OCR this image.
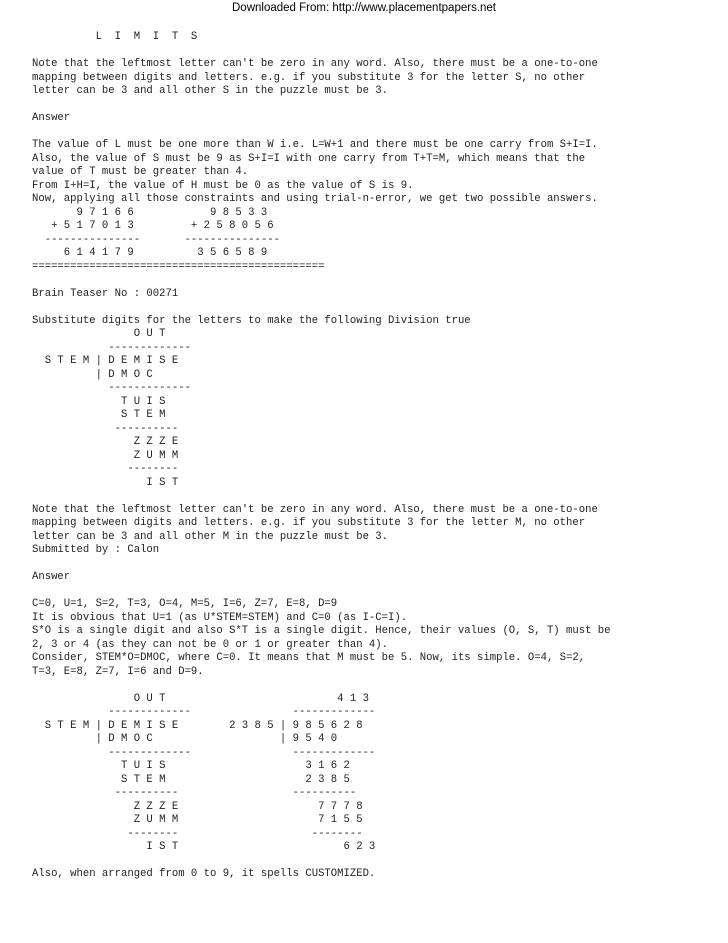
Downloaded From: http://www.placementpapers.net
L  I  M  I  T  S
Note that the leftmost letter can't be zero in any word. Also, there must be a one-to-one
mapping between digits and letters. e.g. if you substitute 3 for the letter S, no other
letter can be 3 and all other S in the puzzle must be 3.
Answer
The value of L must be one more than W i.e. L=W+1 and there must be one carry from S+I=I.
Also, the value of S must be 9 as S+I=I with one carry from T+T=M, which means that the
value of T must be greater than 4.
From I+H=I, the value of H must be 0 as the value of S is 9.
Now, applying all those constraints and using trial-n-error, we get two possible answers.
9 7 1 6 6            9 8 5 3 3
+ 5 1 7 0 1 3         + 2 5 8 0 5 6
---------------       ---------------
6 1 4 1 7 9          3 5 6 5 8 9
==============================================
Brain Teaser No : 00271
Substitute digits for the letters to make the following Division true
O U T
-------------
S T E M | D E M I S E
| D M O C
-------------
T U I S
S T E M
----------
Z Z Z E
Z U M M
--------
I S T
Note that the leftmost letter can't be zero in any word. Also, there must be a one-to-one
mapping between digits and letters. e.g. if you substitute 3 for the letter M, no other
letter can be 3 and all other M in the puzzle must be 3.
Submitted by : Calon
Answer
C=0, U=1, S=2, T=3, O=4, M=5, I=6, Z=7, E=8, D=9
It is obvious that U=1 (as U*STEM=STEM) and C=0 (as I-C=I).
S*O is a single digit and also S*T is a single digit. Hence, their values (O, S, T) must be
2, 3 or 4 (as they can not be 0 or 1 or greater than 4).
Consider, STEM*O=DMOC, where C=0. It means that M must be 5. Now, its simple. O=4, S=2,
T=3, E=8, Z=7, I=6 and D=9.
O U T                           4 1 3
-------------                -------------
S T E M | D E M I S E        2 3 8 5 | 9 8 5 6 2 8
| D M O C                    | 9 5 4 0
-------------                -------------
T U I S                      3 1 6 2
S T E M                      2 3 8 5
----------                  ----------
Z Z Z E                      7 7 7 8
Z U M M                      7 1 5 5
--------                     --------
I S T                          6 2 3
Also, when arranged from 0 to 9, it spells CUSTOMIZED.
